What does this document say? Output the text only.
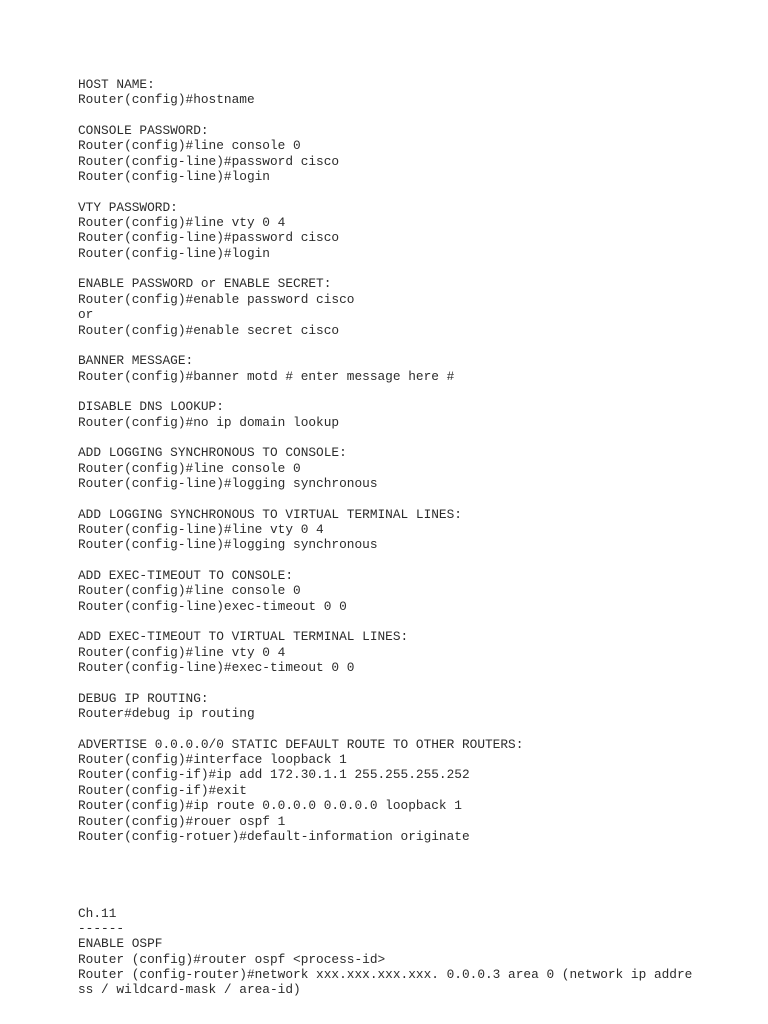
HOST NAME:
Router(config)#hostname
CONSOLE PASSWORD:
Router(config)#line console 0
Router(config-line)#password cisco
Router(config-line)#login
VTY PASSWORD:
Router(config)#line vty 0 4
Router(config-line)#password cisco
Router(config-line)#login
ENABLE PASSWORD or ENABLE SECRET:
Router(config)#enable password cisco
or
Router(config)#enable secret cisco
BANNER MESSAGE:
Router(config)#banner motd # enter message here #
DISABLE DNS LOOKUP:
Router(config)#no ip domain lookup
ADD LOGGING SYNCHRONOUS TO CONSOLE:
Router(config)#line console 0
Router(config-line)#logging synchronous
ADD LOGGING SYNCHRONOUS TO VIRTUAL TERMINAL LINES:
Router(config-line)#line vty 0 4
Router(config-line)#logging synchronous
ADD EXEC-TIMEOUT TO CONSOLE:
Router(config)#line console 0
Router(config-line)exec-timeout 0 0
ADD EXEC-TIMEOUT TO VIRTUAL TERMINAL LINES:
Router(config)#line vty 0 4
Router(config-line)#exec-timeout 0 0
DEBUG IP ROUTING:
Router#debug ip routing
ADVERTISE 0.0.0.0/0 STATIC DEFAULT ROUTE TO OTHER ROUTERS:
Router(config)#interface loopback 1
Router(config-if)#ip add 172.30.1.1 255.255.255.252
Router(config-if)#exit
Router(config)#ip route 0.0.0.0 0.0.0.0 loopback 1
Router(config)#rouer ospf 1
Router(config-rotuer)#default-information originate
Ch.11
------
ENABLE OSPF
Router (config)#router ospf <process-id>
Router (config-router)#network xxx.xxx.xxx.xxx. 0.0.0.3 area 0 (network ip addre
ss / wildcard-mask / area-id)
